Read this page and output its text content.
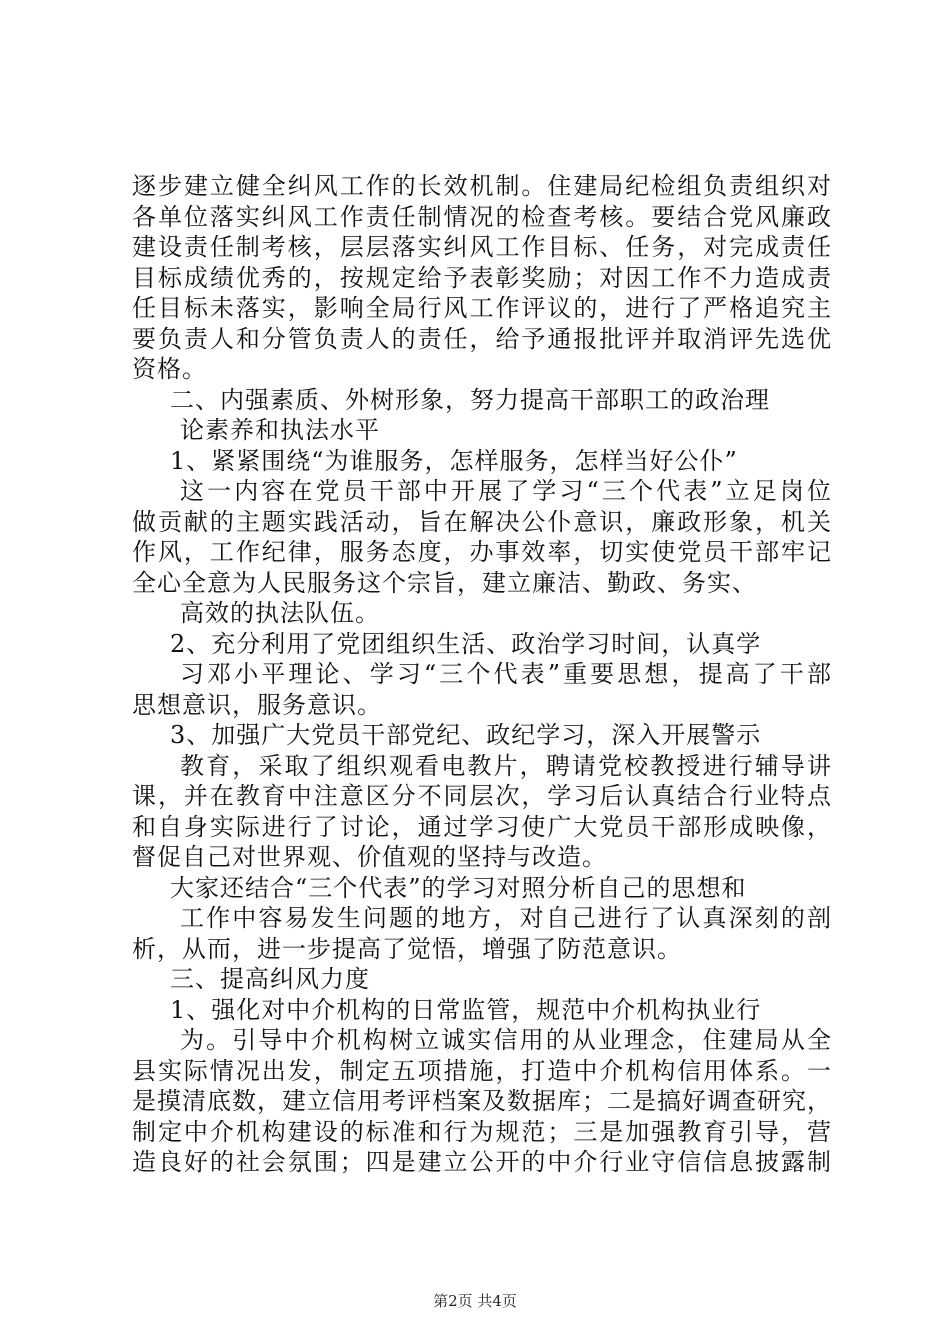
逐步建立健全纠风工作的长效机制。住建局纪检组负责组织对
各单位落实纠风工作责任制情况的检查考核。要结合党风廉政
建设责任制考核，层层落实纠风工作目标、任务，对完成责任
目标成绩优秀的，按规定给予表彰奖励；对因工作不力造成责
任目标未落实，影响全局行风工作评议的，进行了严格追究主
要负责人和分管负责人的责任，给予通报批评并取消评先选优
资格。
二、内强素质、外树形象，努力提高干部职工的政治理
论素养和执法水平
1、紧紧围绕“为谁服务，怎样服务，怎样当好公仆”
这一内容在党员干部中开展了学习“三个代表”立足岗位
做贡献的主题实践活动，旨在解决公仆意识，廉政形象，机关
作风，工作纪律，服务态度，办事效率，切实使党员干部牢记
全心全意为人民服务这个宗旨，建立廉洁、勤政、务实、
高效的执法队伍。
2、充分利用了党团组织生活、政治学习时间，认真学
习邓小平理论、学习“三个代表”重要思想，提高了干部
思想意识，服务意识。
3、加强广大党员干部党纪、政纪学习，深入开展警示
教育，采取了组织观看电教片，聘请党校教授进行辅导讲
课，并在教育中注意区分不同层次，学习后认真结合行业特点
和自身实际进行了讨论，通过学习使广大党员干部形成映像，
督促自己对世界观、价值观的坚持与改造。
大家还结合“三个代表”的学习对照分析自己的思想和
工作中容易发生问题的地方，对自己进行了认真深刻的剖
析，从而，进一步提高了觉悟，增强了防范意识。
三、提高纠风力度
1、强化对中介机构的日常监管，规范中介机构执业行
为。引导中介机构树立诚实信用的从业理念，住建局从全
县实际情况出发，制定五项措施，打造中介机构信用体系。一
是摸清底数，建立信用考评档案及数据库；二是搞好调查研究，
制定中介机构建设的标准和行为规范；三是加强教育引导，营
造良好的社会氛围；四是建立公开的中介行业守信信息披露制
第2页 共4页
